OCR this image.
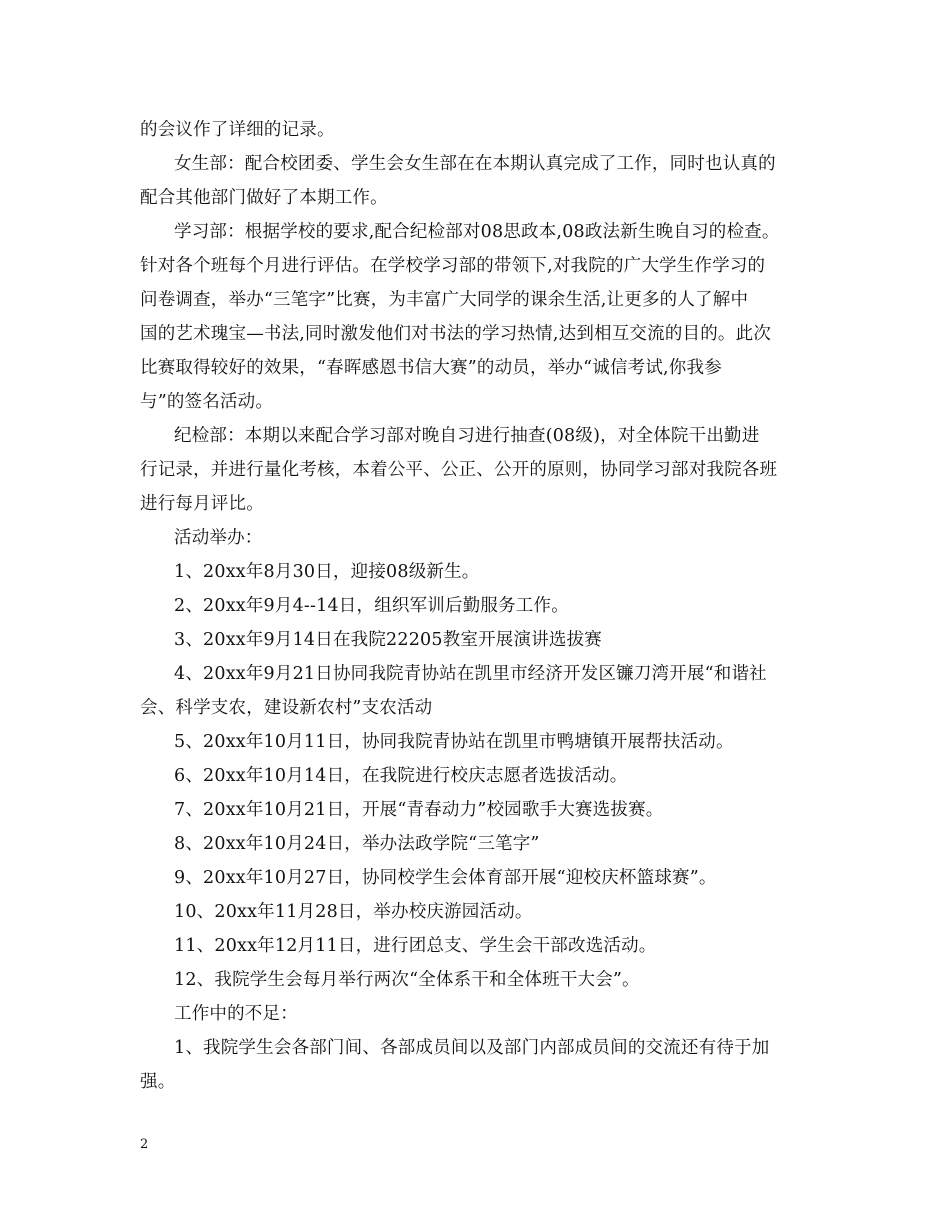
的会议作了详细的记录。
女生部：配合校团委、学生会女生部在在本期认真完成了工作，同时也认真的
配合其他部门做好了本期工作。
学习部：根据学校的要求,配合纪检部对08思政本,08政法新生晚自习的检查。
针对各个班每个月进行评估。在学校学习部的带领下,对我院的广大学生作学习的
问卷调查，举办“三笔字”比赛，为丰富广大同学的课余生活,让更多的人了解中
国的艺术瑰宝—书法,同时激发他们对书法的学习热情,达到相互交流的目的。此次
比赛取得较好的效果，“春晖感恩书信大赛”的动员，举办“诚信考试,你我参
与”的签名活动。
纪检部：本期以来配合学习部对晚自习进行抽查(08级)，对全体院干出勤进
行记录，并进行量化考核，本着公平、公正、公开的原则，协同学习部对我院各班
进行每月评比。
活动举办：
1、20xx年8月30日，迎接08级新生。
2、20xx年9月4--14日，组织军训后勤服务工作。
3、20xx年9月14日在我院22205教室开展演讲选拔赛
4、20xx年9月21日协同我院青协站在凯里市经济开发区镰刀湾开展“和谐社
会、科学支农，建设新农村”支农活动
5、20xx年10月11日，协同我院青协站在凯里市鸭塘镇开展帮扶活动。
6、20xx年10月14日，在我院进行校庆志愿者选拔活动。
7、20xx年10月21日，开展“青春动力”校园歌手大赛选拔赛。
8、20xx年10月24日，举办法政学院“三笔字”
9、20xx年10月27日，协同校学生会体育部开展“迎校庆杯篮球赛”。
10、20xx年11月28日，举办校庆游园活动。
11、20xx年12月11日，进行团总支、学生会干部改选活动。
12、我院学生会每月举行两次“全体系干和全体班干大会”。
工作中的不足：
1、我院学生会各部门间、各部成员间以及部门内部成员间的交流还有待于加
强。
2
